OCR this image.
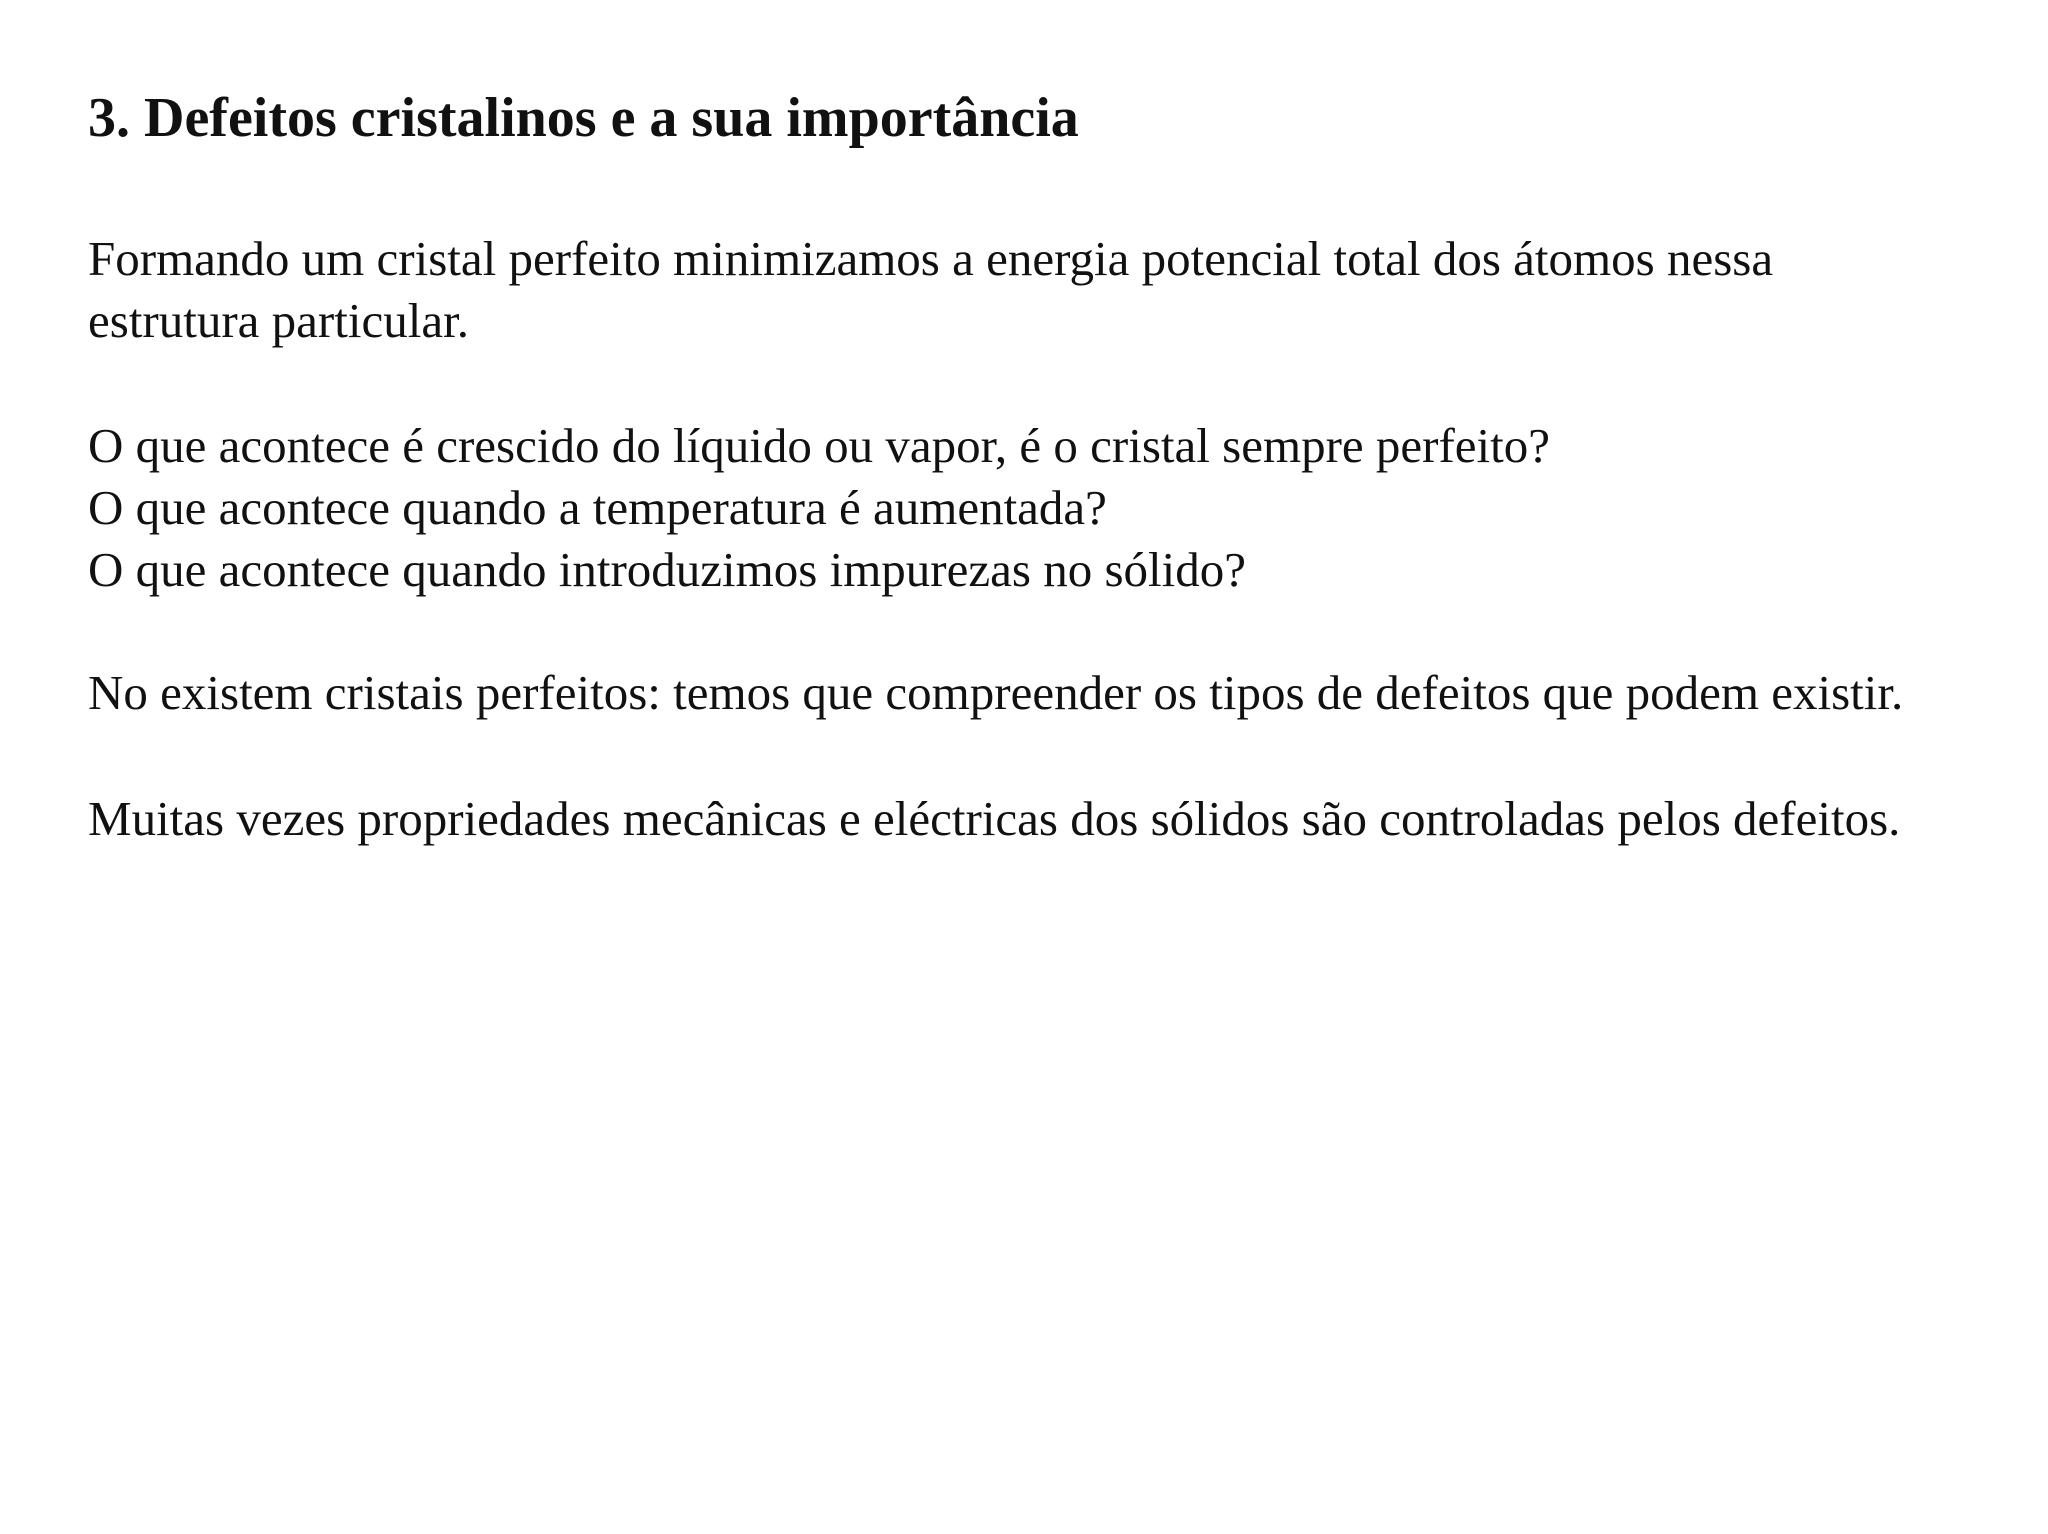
3. Defeitos cristalinos e a sua importância

Formando um cristal perfeito minimizamos a energia potencial total dos átomos nessa
estrutura particular.

O que acontece é crescido do líquido ou vapor, é o cristal sempre perfeito?
O que acontece quando a temperatura é aumentada?
O que acontece quando introduzimos impurezas no sólido?

No existem cristais perfeitos: temos que compreender os tipos de defeitos que podem existir.

Muitas vezes propriedades mecânicas e eléctricas dos sólidos são controladas pelos defeitos.
